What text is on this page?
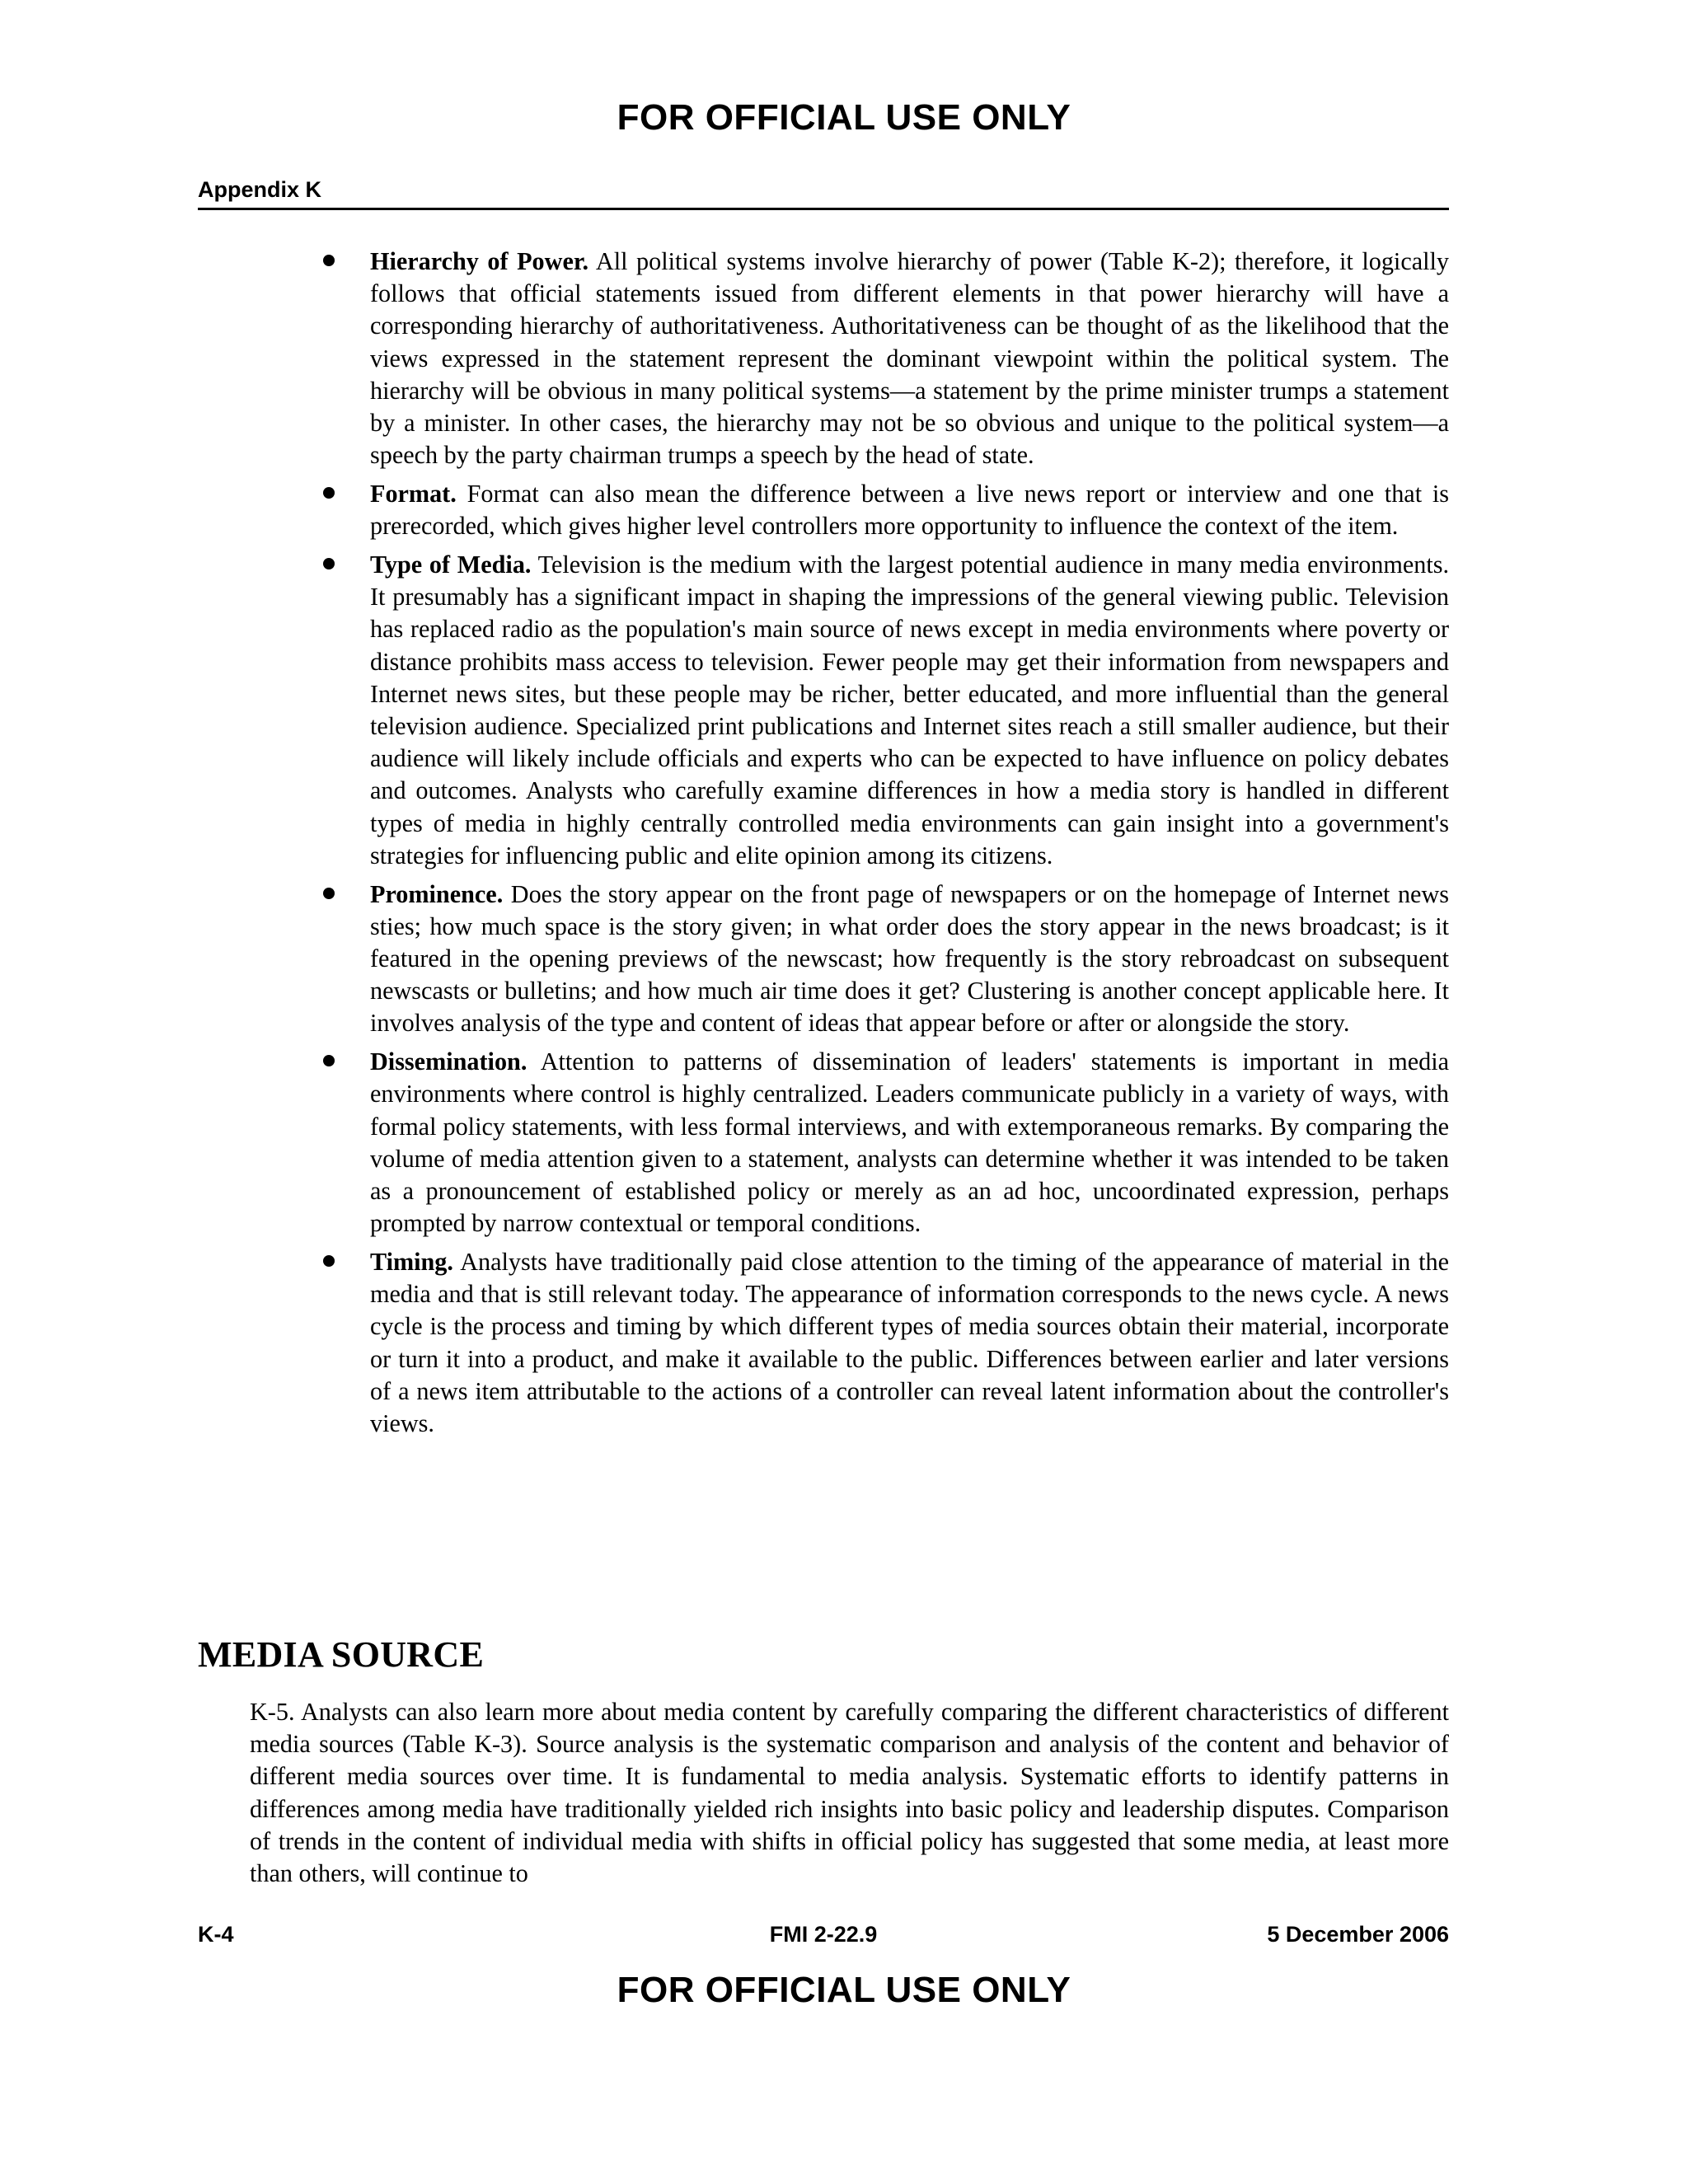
FOR OFFICIAL USE ONLY
Appendix K
Hierarchy of Power. All political systems involve hierarchy of power (Table K-2); therefore, it logically follows that official statements issued from different elements in that power hierarchy will have a corresponding hierarchy of authoritativeness. Authoritativeness can be thought of as the likelihood that the views expressed in the statement represent the dominant viewpoint within the political system. The hierarchy will be obvious in many political systems—a statement by the prime minister trumps a statement by a minister. In other cases, the hierarchy may not be so obvious and unique to the political system—a speech by the party chairman trumps a speech by the head of state.
Format. Format can also mean the difference between a live news report or interview and one that is prerecorded, which gives higher level controllers more opportunity to influence the context of the item.
Type of Media. Television is the medium with the largest potential audience in many media environments. It presumably has a significant impact in shaping the impressions of the general viewing public. Television has replaced radio as the population's main source of news except in media environments where poverty or distance prohibits mass access to television. Fewer people may get their information from newspapers and Internet news sites, but these people may be richer, better educated, and more influential than the general television audience. Specialized print publications and Internet sites reach a still smaller audience, but their audience will likely include officials and experts who can be expected to have influence on policy debates and outcomes. Analysts who carefully examine differences in how a media story is handled in different types of media in highly centrally controlled media environments can gain insight into a government's strategies for influencing public and elite opinion among its citizens.
Prominence. Does the story appear on the front page of newspapers or on the homepage of Internet news sties; how much space is the story given; in what order does the story appear in the news broadcast; is it featured in the opening previews of the newscast; how frequently is the story rebroadcast on subsequent newscasts or bulletins; and how much air time does it get? Clustering is another concept applicable here. It involves analysis of the type and content of ideas that appear before or after or alongside the story.
Dissemination. Attention to patterns of dissemination of leaders' statements is important in media environments where control is highly centralized. Leaders communicate publicly in a variety of ways, with formal policy statements, with less formal interviews, and with extemporaneous remarks. By comparing the volume of media attention given to a statement, analysts can determine whether it was intended to be taken as a pronouncement of established policy or merely as an ad hoc, uncoordinated expression, perhaps prompted by narrow contextual or temporal conditions.
Timing. Analysts have traditionally paid close attention to the timing of the appearance of material in the media and that is still relevant today. The appearance of information corresponds to the news cycle. A news cycle is the process and timing by which different types of media sources obtain their material, incorporate or turn it into a product, and make it available to the public. Differences between earlier and later versions of a news item attributable to the actions of a controller can reveal latent information about the controller's views.
MEDIA SOURCE

K-5. Analysts can also learn more about media content by carefully comparing the different characteristics of different media sources (Table K-3). Source analysis is the systematic comparison and analysis of the content and behavior of different media sources over time. It is fundamental to media analysis. Systematic efforts to identify patterns in differences among media have traditionally yielded rich insights into basic policy and leadership disputes. Comparison of trends in the content of individual media with shifts in official policy has suggested that some media, at least more than others, will continue to

K-4	FMI 2-22.9	5 December 2006
FOR OFFICIAL USE ONLY
